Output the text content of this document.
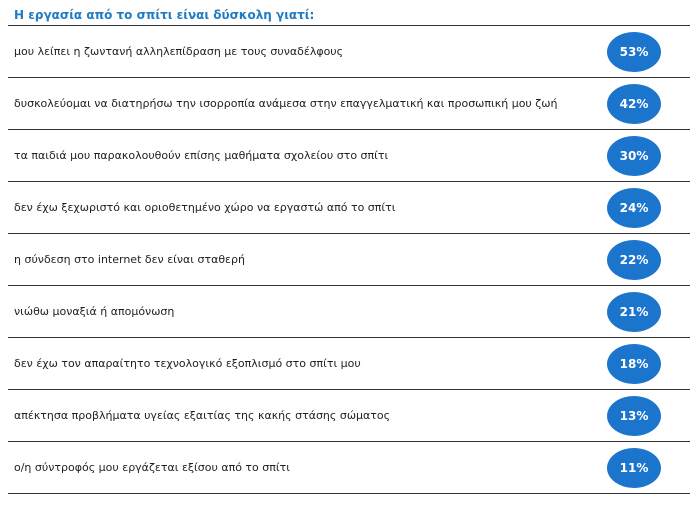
Η εργασία από το σπίτι είναι δύσκολη γιατί:
μου λείπει η ζωντανή αλληλεπίδραση με τους συναδέλφους	53%
δυσκολεύομαι να διατηρήσω την ισορροπία ανάμεσα στην επαγγελματική και προσωπική μου ζωή	42%
τα παιδιά μου παρακολουθούν επίσης μαθήματα σχολείου στο σπίτι	30%
δεν έχω ξεχωριστό και οριοθετημένο χώρο να εργαστώ από το σπίτι	24%
η σύνδεση στο internet δεν είναι σταθερή	22%
νιώθω μοναξιά ή απομόνωση	21%
δεν έχω τον απαραίτητο τεχνολογικό εξοπλισμό στο σπίτι μου	18%
απέκτησα προβλήματα υγείας εξαιτίας της κακής στάσης σώματος	13%
ο/η σύντροφός μου εργάζεται εξίσου από το σπίτι	11%
